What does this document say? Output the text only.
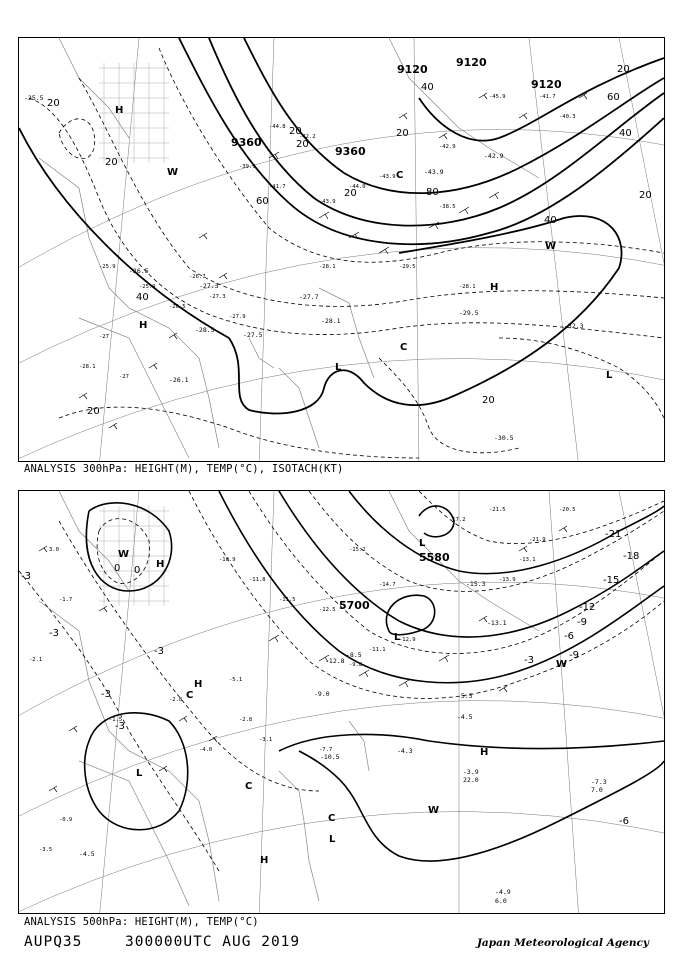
-39.9
-41.7
-43.9
-44.0
-43.9
-42.9
-26.7
-27.3
-27.9
-26.5
-25.9
-25.9	-29.5
-28.1
-28.1
-45.9	-41.7
-40.3
-38.5
-44.8
-42.2
-27
-27
-28.1
9120
9120
9120
9360
9360
20
20
20
20
20
20
20
20
40
40
40
60
60
80
20
20	40
H
W	C
H
W
C
L
L
H
-25.5
-26.5
-27.3
-27.7
-28.1
-28.5
-29.5
-30.5
-32.3
-27.5
-26.1
-43.9
-42.9
ANALYSIS 300hPa: HEIGHT(M), TEMP(°C), ISOTACH(KT)
-10.9
-11.8
-11.5
-12.5
-15.2
-14.7
-12.9
-11.1
-9.8
-5.1
-2.8
-2.8
-1.5
3.0
-1.7
-2.1
-0.9
-3.5
-13.9
-13.1
-21.9
-17.2
-21.5	-20.5
-4.0
-3.1
-7.7
5580
5700
-3
-3
-3
-3
0
-6
-9
-12
-15
-18
-21
-6
-3
-3
-9
0
W
H
L
H
C
L
C
L
W
H
L
H
W
C
-13.1
-15.3
-12.8
-10.5
-8.5
-9.0
-4.3
-4.5
-5.5
-3.9
22.0	-7.3
7.0
-4.5
-4.9
6.0
ANALYSIS 500hPa: HEIGHT(M), TEMP(°C)
AUPQ35	300000UTC AUG 2019	Japan Meteorological Agency
